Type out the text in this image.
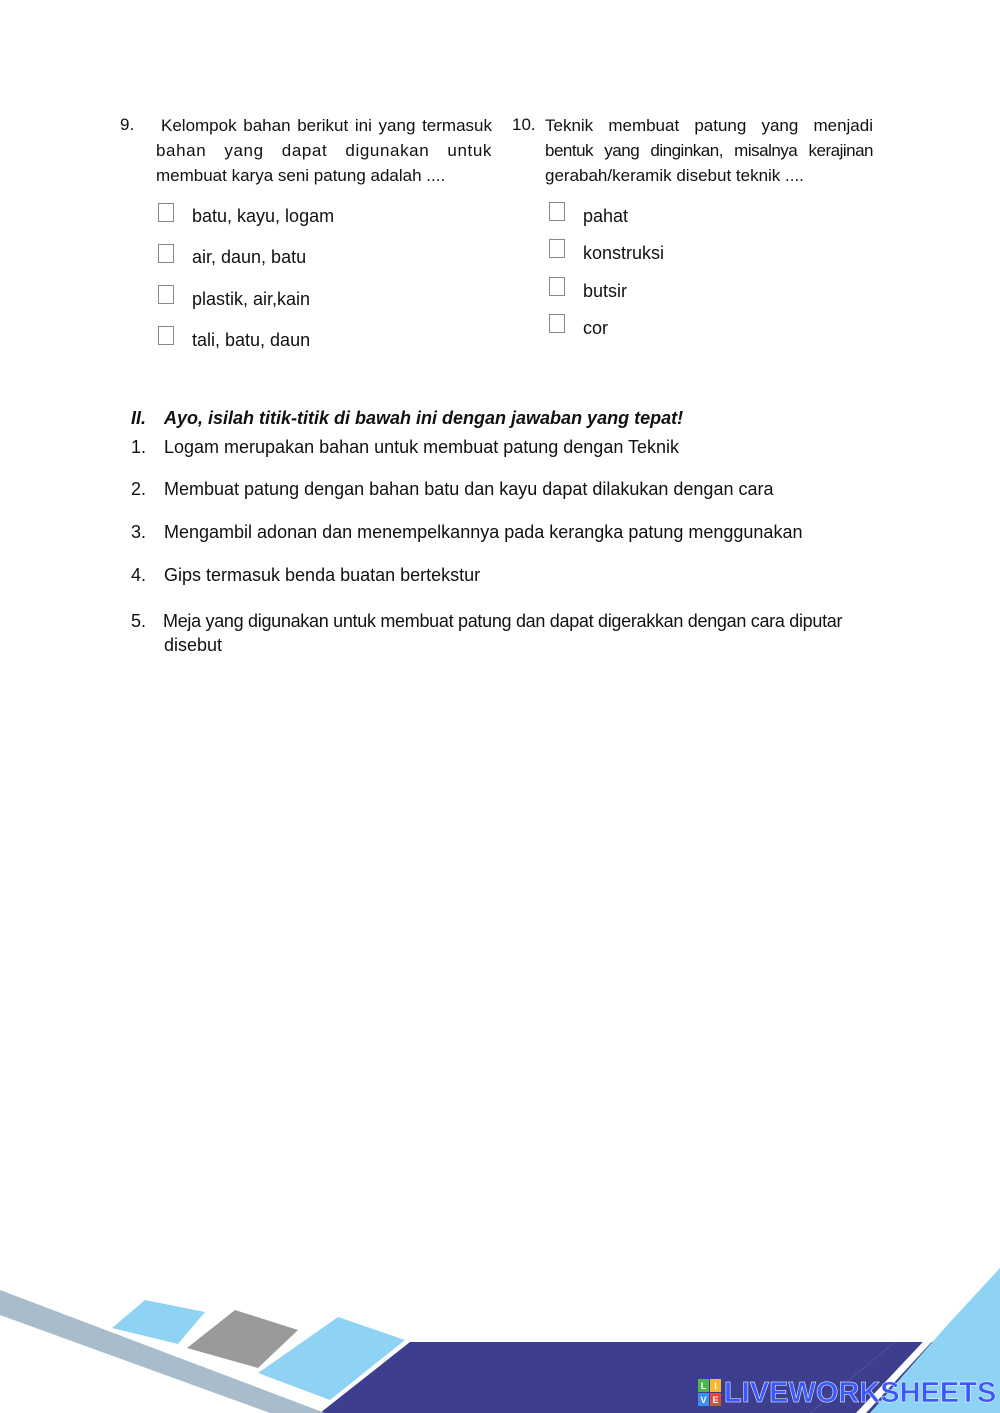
9. Kelompok bahan berikut ini yang termasuk
bahan yang dapat digunakan untuk
membuat karya seni patung adalah ....
batu, kayu, logam
air, daun, batu
plastik, air,kain
tali, batu, daun
10. Teknik membuat patung yang menjadi
bentuk yang dinginkan, misalnya kerajinan
gerabah/keramik disebut teknik ....
pahat
konstruksi
butsir
cor
II. Ayo, isilah titik-titik di bawah ini dengan jawaban yang tepat!
1. Logam merupakan bahan untuk membuat patung dengan Teknik
2. Membuat patung dengan bahan batu dan kayu dapat dilakukan dengan cara
3. Mengambil adonan dan menempelkannya pada kerangka patung menggunakan
4. Gips termasuk benda buatan bertekstur
5. Meja yang digunakan untuk membuat patung dan dapat digerakkan dengan cara diputar
disebut
L I
V E LIVEWORKSHEETS
